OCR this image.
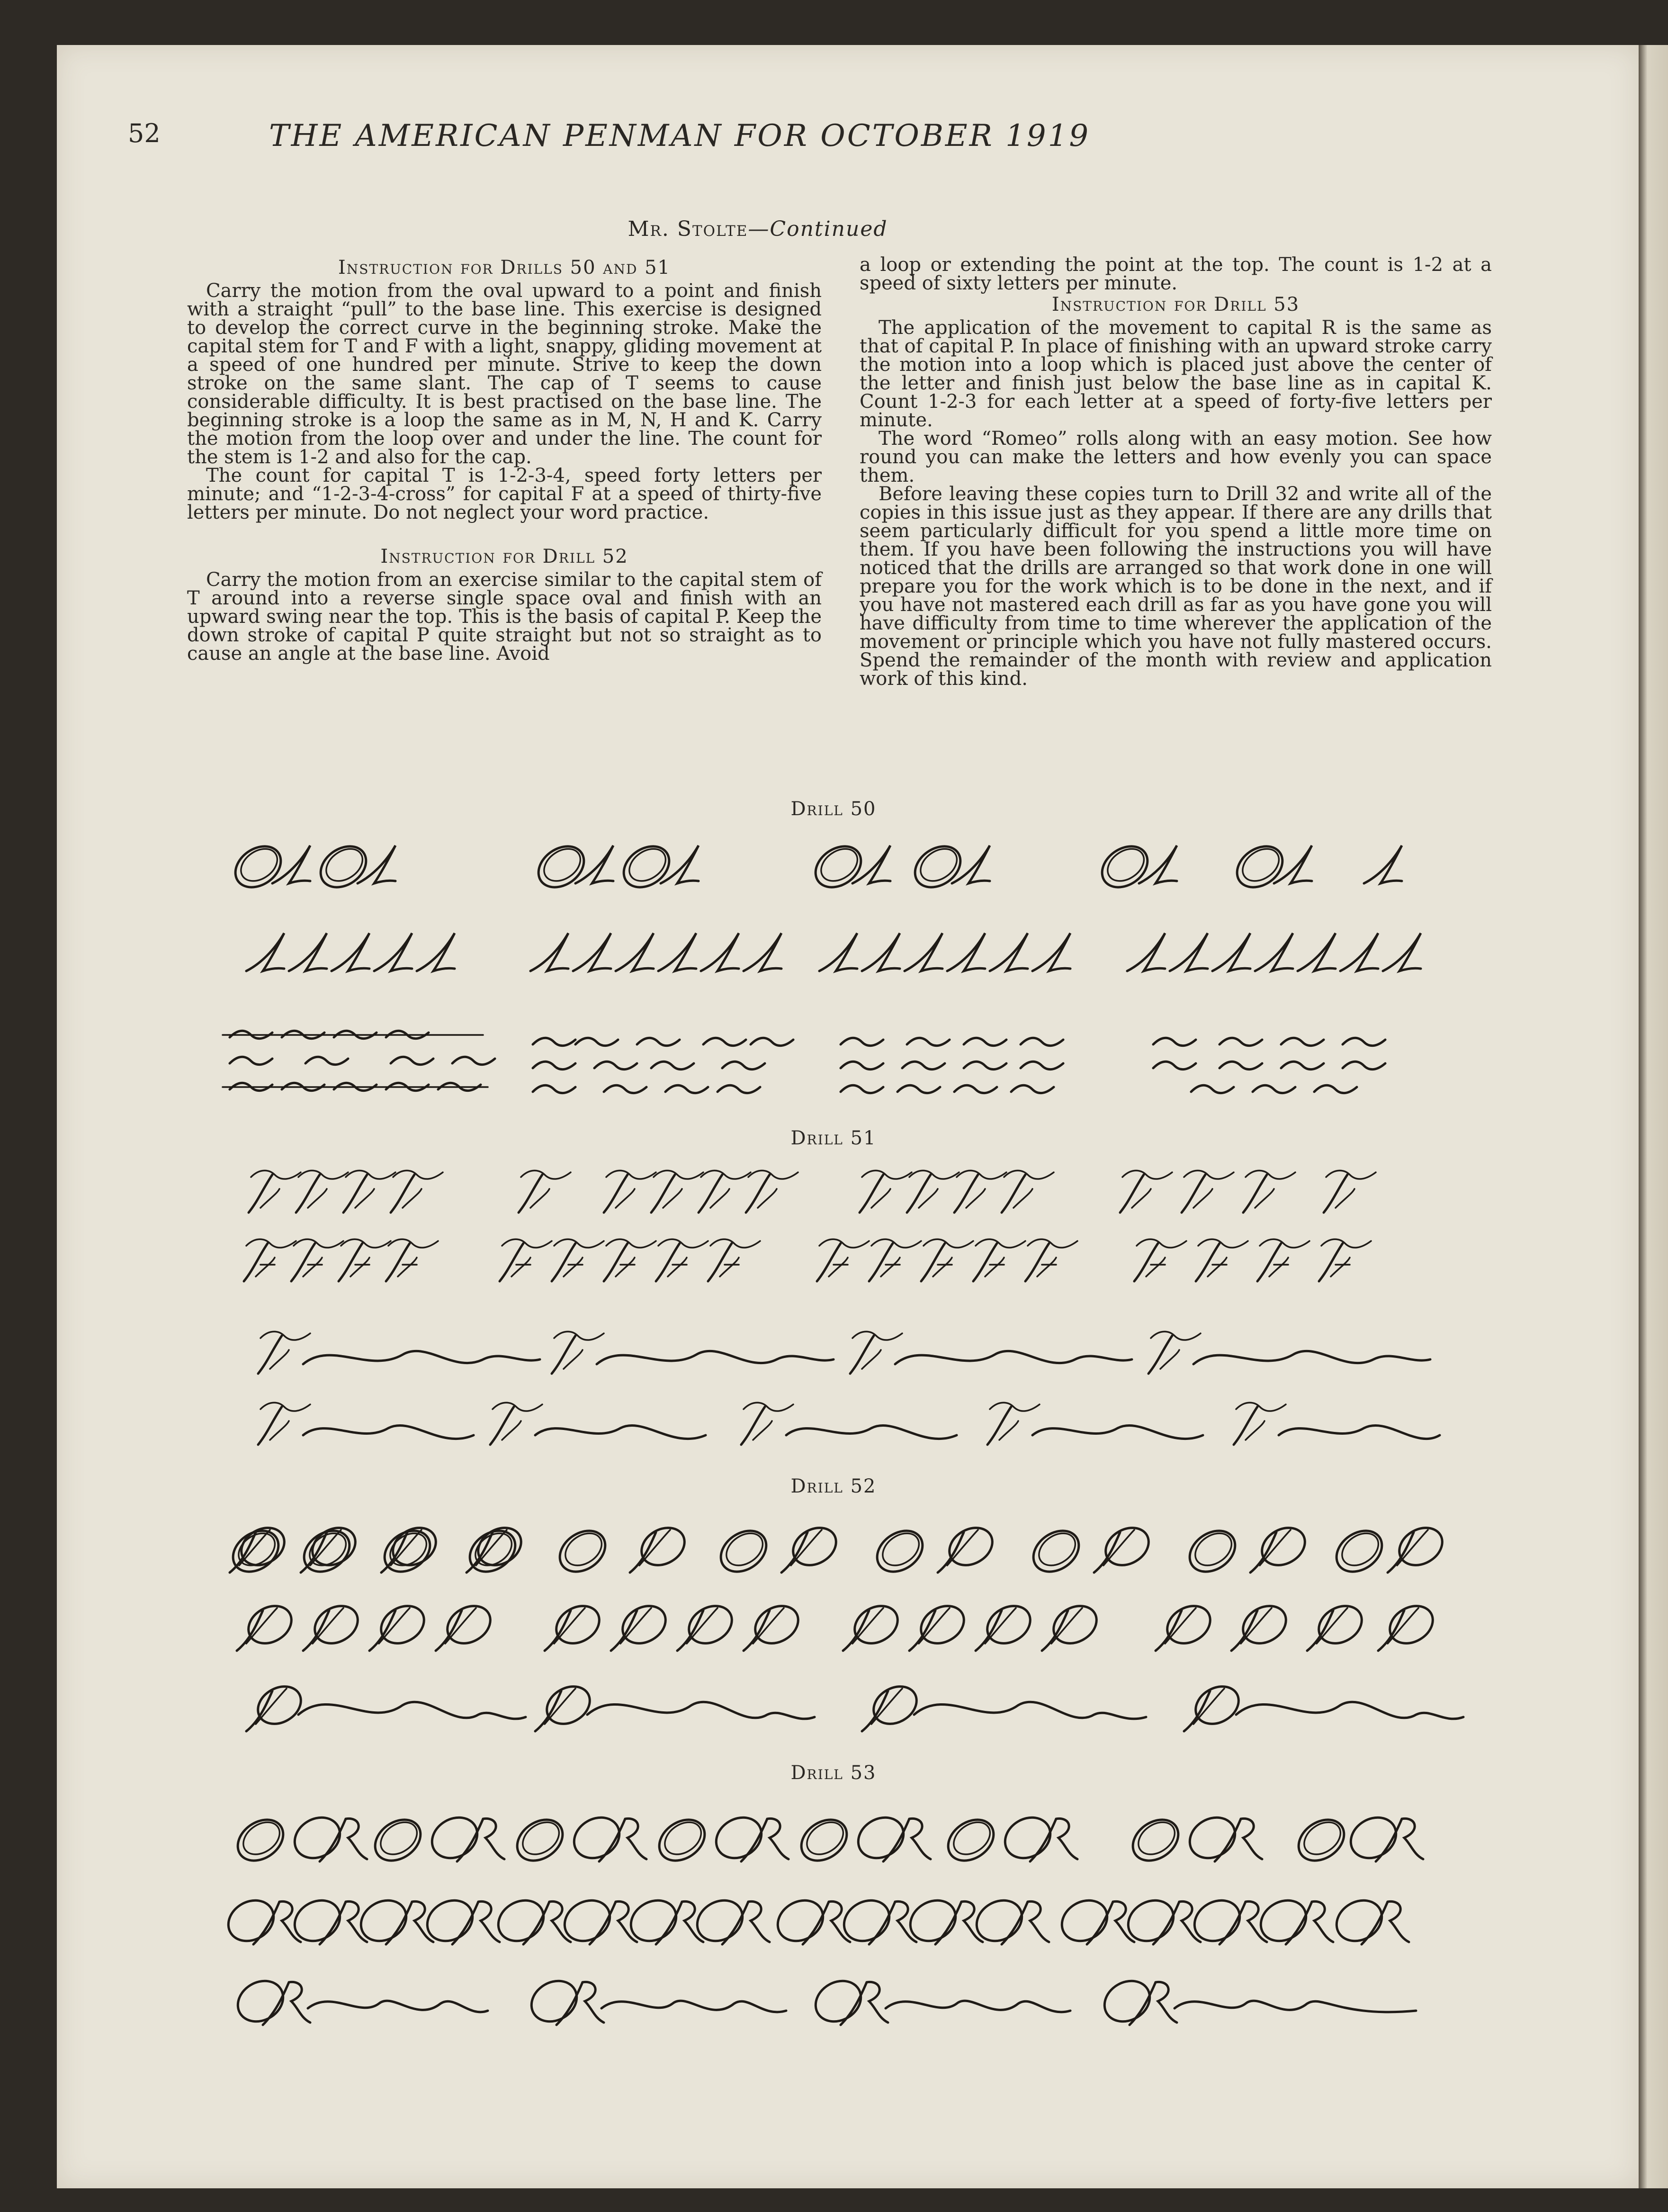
52	THE AMERICAN PENMAN FOR OCTOBER 1919
Mr. Stolte—Continued
Instruction for Drills 50 and 51

Carry the motion from the oval upward to a point and finish with a straight “pull” to the base line. This exercise is designed to develop the correct curve in the beginning stroke. Make the capital stem for T and F with a light, snappy, gliding movement at a speed of one hundred per minute. Strive to keep the down stroke on the same slant. The cap of T seems to cause considerable difficulty. It is best practised on the base line. The beginning stroke is a loop the same as in M, N, H and K. Carry the motion from the loop over and under the line. The count for the stem is 1-2 and also for the cap.

The count for capital T is 1-2-3-4, speed forty letters per minute; and “1-2-3-4-cross” for capital F at a speed of thirty-five letters per minute. Do not neglect your word practice.

Instruction for Drill 52

Carry the motion from an exercise similar to the capital stem of T around into a reverse single space oval and finish with an upward swing near the top. This is the basis of capital P. Keep the down stroke of capital P quite straight but not so straight as to cause an angle at the base line. Avoid

a loop or extending the point at the top. The count is 1-2 at a speed of sixty letters per minute.

Instruction for Drill 53

The application of the movement to capital R is the same as that of capital P. In place of finishing with an upward stroke carry the motion into a loop which is placed just above the center of the letter and finish just below the base line as in capital K. Count 1-2-3 for each letter at a speed of forty-five letters per minute.

The word “Romeo” rolls along with an easy motion. See how round you can make the letters and how evenly you can space them.

Before leaving these copies turn to Drill 32 and write all of the copies in this issue just as they appear. If there are any drills that seem particularly difficult for you spend a little more time on them. If you have been following the instructions you will have noticed that the drills are arranged so that work done in one will prepare you for the work which is to be done in the next, and if you have not mastered each drill as far as you have gone you will have difficulty from time to time wherever the application of the movement or principle which you have not fully mastered occurs. Spend the remainder of the month with review and application work of this kind.

Drill 50
Drill 51
Drill 52
Drill 53
